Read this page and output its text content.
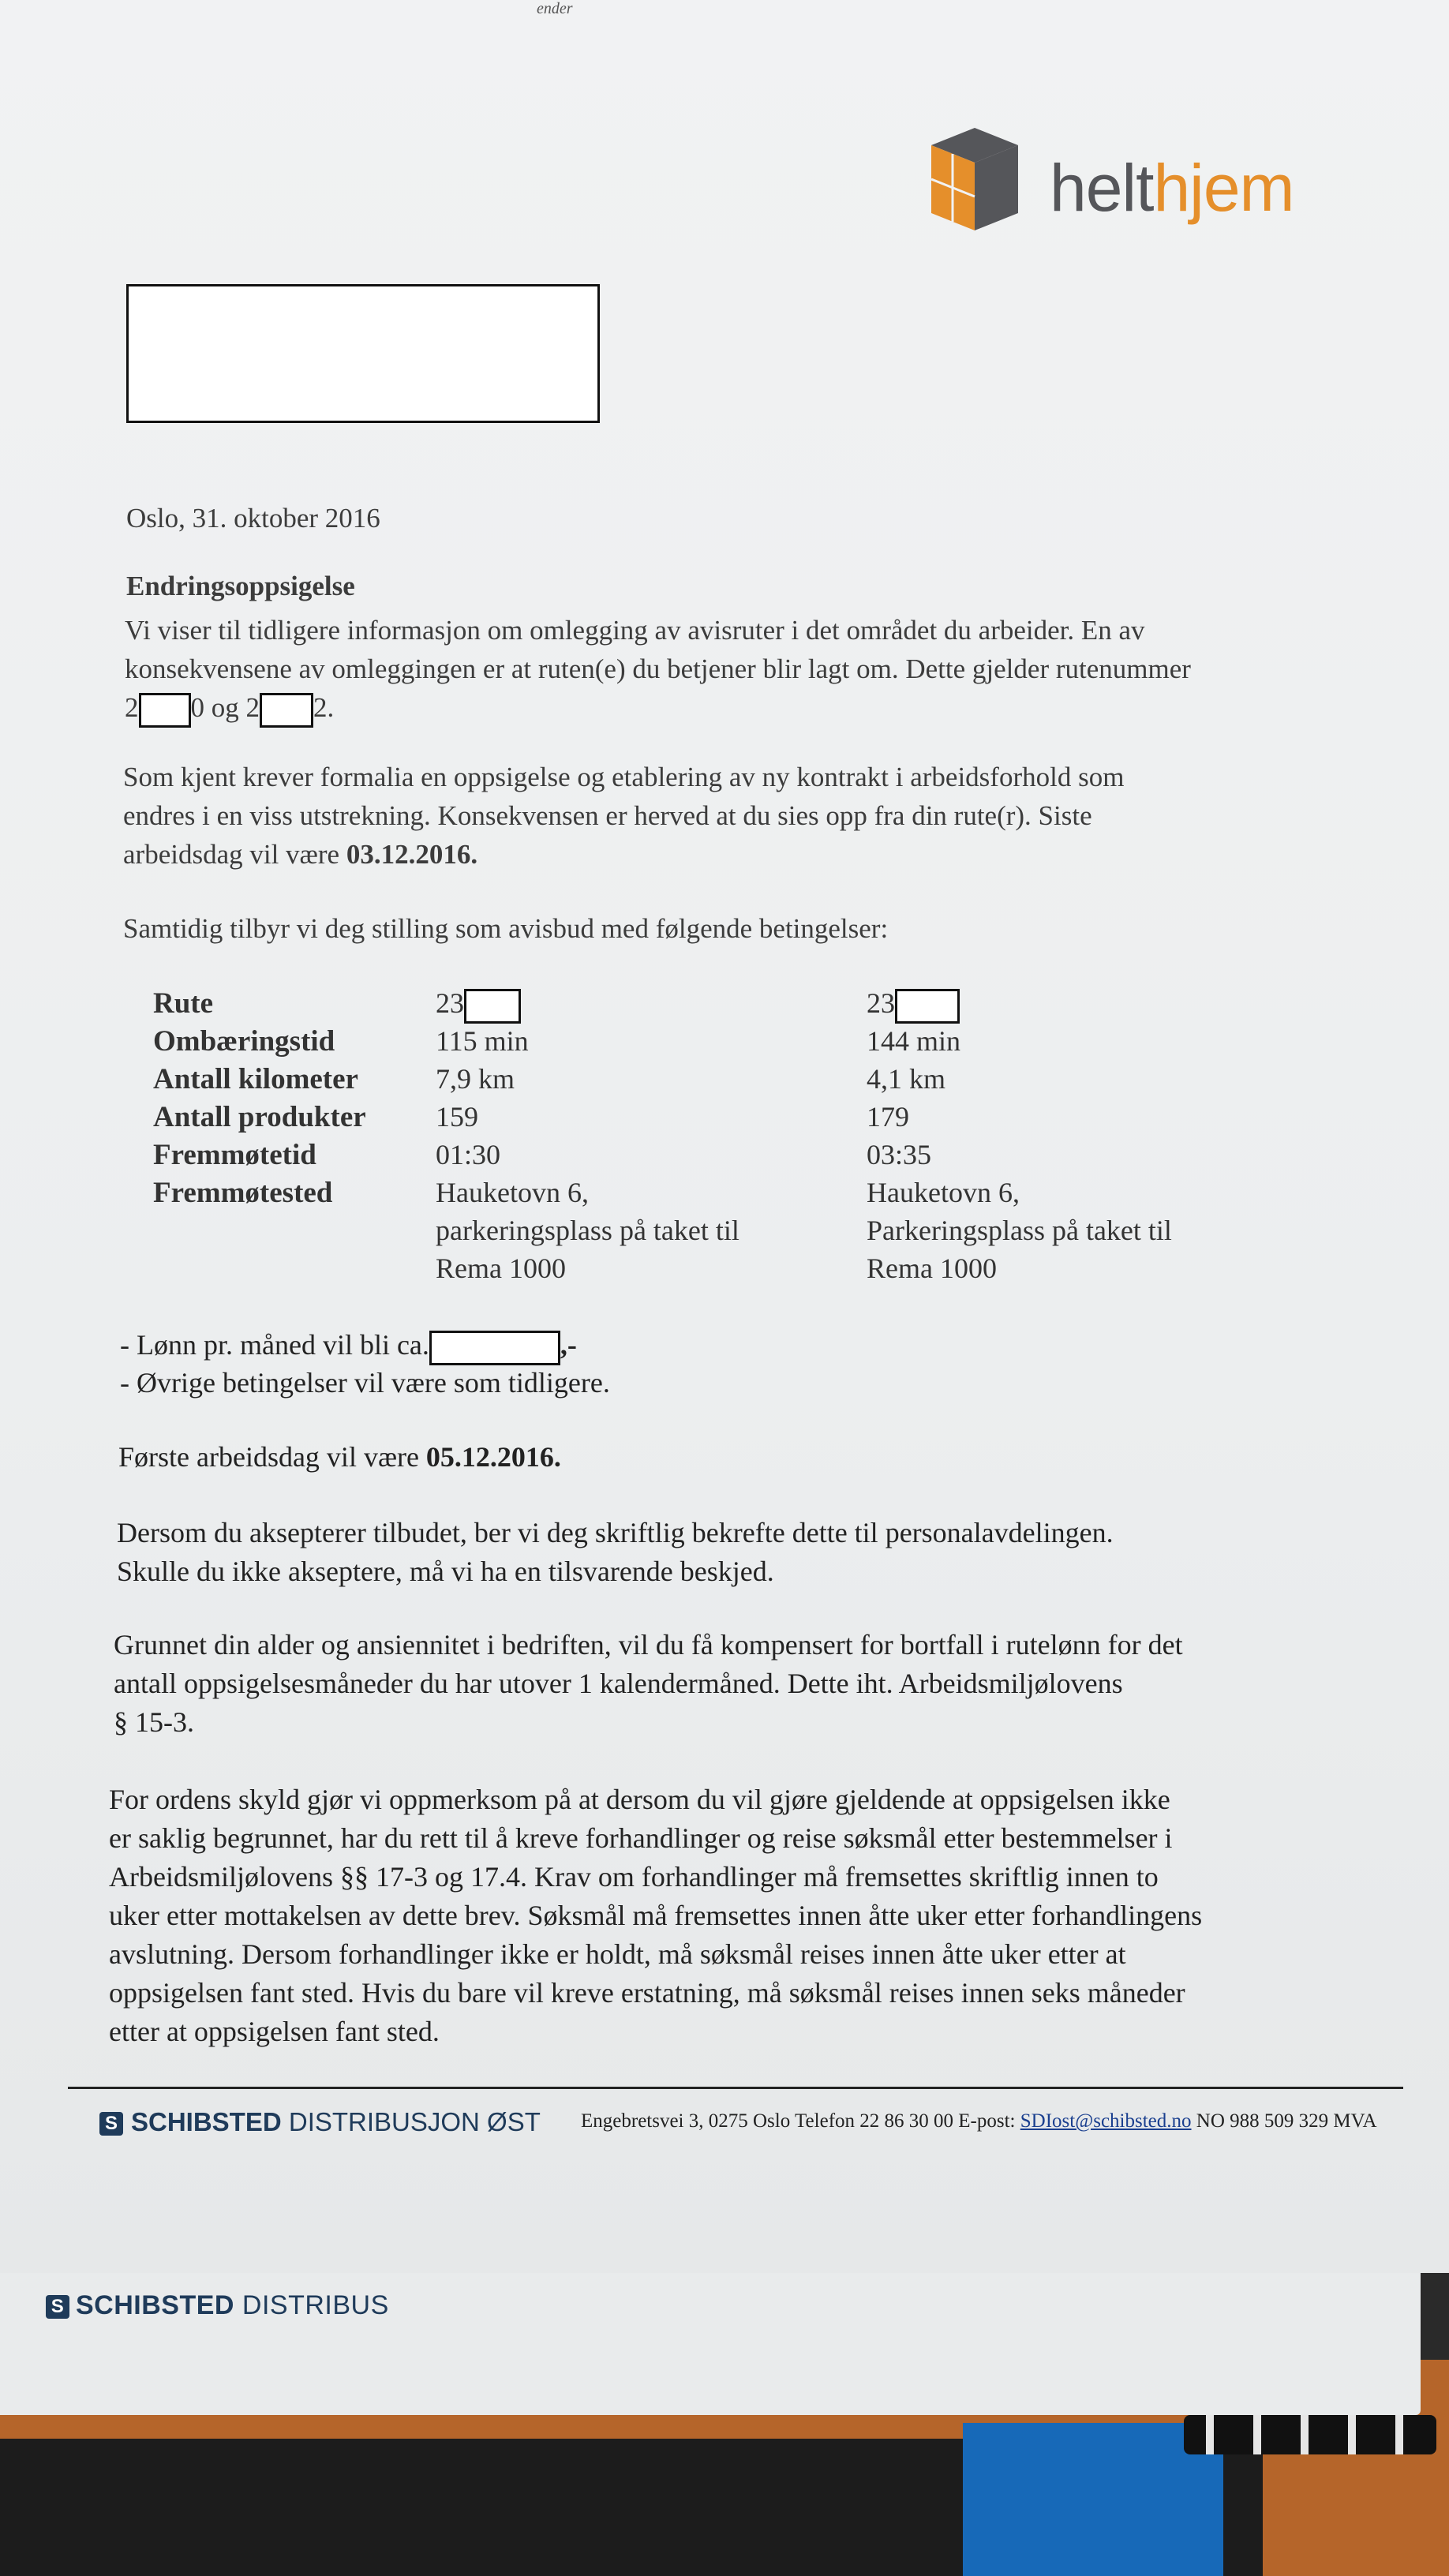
S SCHIBSTED DISTRIBUS
ender
helthjem
Oslo, 31. oktober 2016
Endringsoppsigelse
Vi viser til tidligere informasjon om omlegging av avisruter i det området du arbeider. En av
konsekvensene av omleggingen er at ruten(e) du betjener blir lagt om. Dette gjelder rutenummer
2 0 og 2 2.
Som kjent krever formalia en oppsigelse og etablering av ny kontrakt i arbeidsforhold som
endres i en viss utstrekning. Konsekvensen er herved at du sies opp fra din rute(r). Siste
arbeidsdag vil være 03.12.2016.
Samtidig tilbyr vi deg stilling som avisbud med følgende betingelser:
Rute
Ombæringstid
Antall kilometer
Antall produkter
Fremmøtetid
Fremmøtested
23
115 min
7,9 km
159
01:30
Hauketovn 6,
parkeringsplass på taket til
Rema 1000
23
144 min
4,1 km
179
03:35
Hauketovn 6,
Parkeringsplass på taket til
Rema 1000
- Lønn pr. måned vil bli ca.	,-
- Øvrige betingelser vil være som tidligere.
Første arbeidsdag vil være 05.12.2016.
Dersom du aksepterer tilbudet, ber vi deg skriftlig bekrefte dette til personalavdelingen.
Skulle du ikke akseptere, må vi ha en tilsvarende beskjed.
Grunnet din alder og ansiennitet i bedriften, vil du få kompensert for bortfall i rutelønn for det
antall oppsigelsesmåneder du har utover 1 kalendermåned. Dette iht. Arbeidsmiljølovens
§ 15-3.
For ordens skyld gjør vi oppmerksom på at dersom du vil gjøre gjeldende at oppsigelsen ikke
er saklig begrunnet, har du rett til å kreve forhandlinger og reise søksmål etter bestemmelser i
Arbeidsmiljølovens §§ 17-3 og 17.4. Krav om forhandlinger må fremsettes skriftlig innen to
uker etter mottakelsen av dette brev. Søksmål må fremsettes innen åtte uker etter forhandlingens
avslutning. Dersom forhandlinger ikke er holdt, må søksmål reises innen åtte uker etter at
oppsigelsen fant sted. Hvis du bare vil kreve erstatning, må søksmål reises innen seks måneder
etter at oppsigelsen fant sted.
S SCHIBSTED DISTRIBUSJON ØST Engebretsvei 3, 0275 Oslo Telefon 22 86 30 00 E-post: SDIost@schibsted.no NO 988 509 329 MVA
